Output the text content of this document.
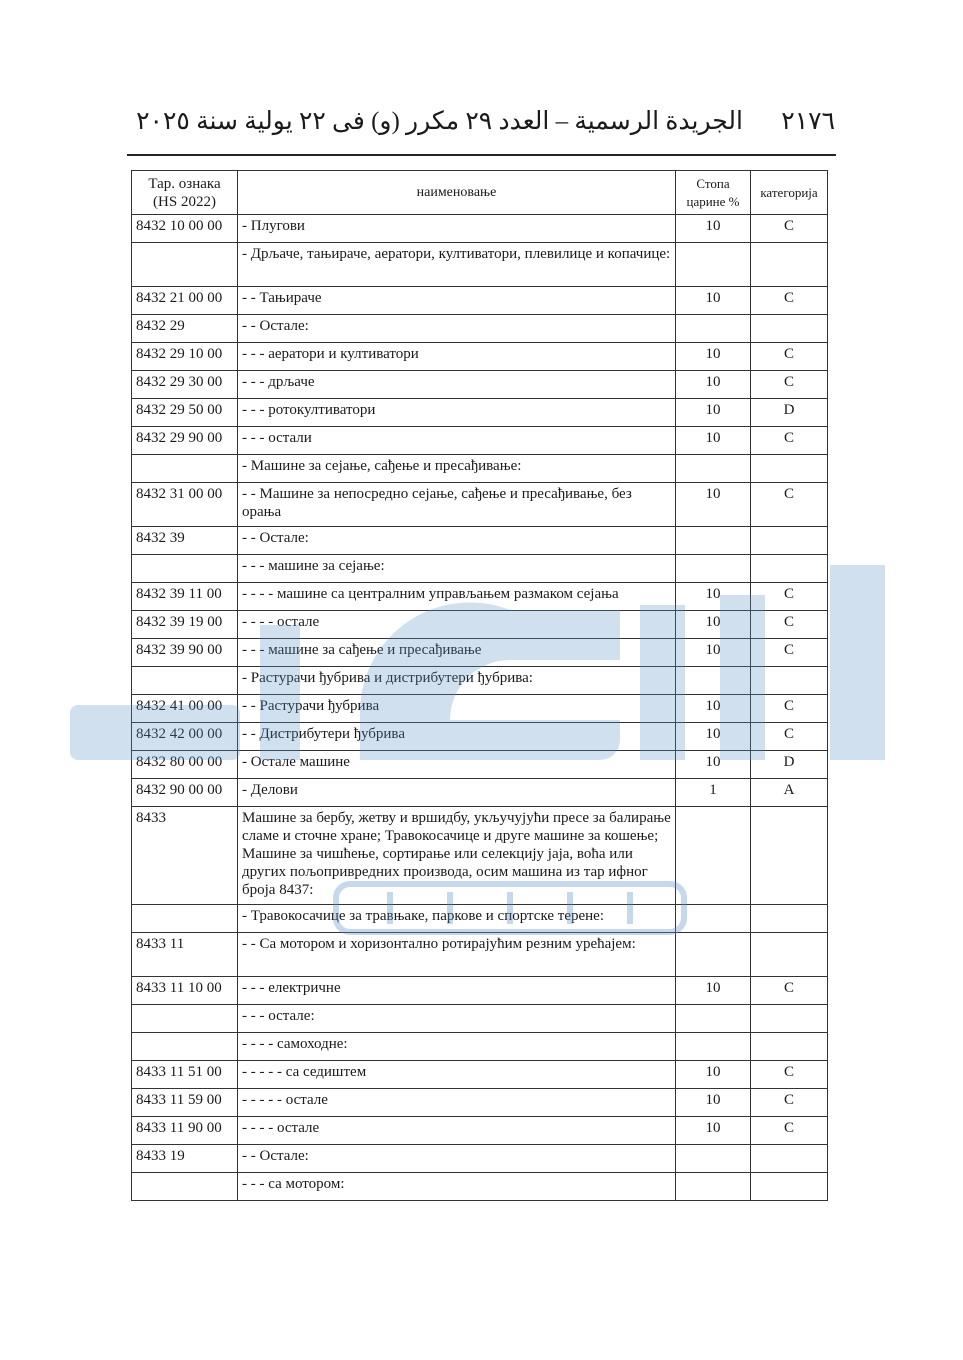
٢١٧٦
الجريدة الرسمية – العدد ٢٩ مكرر (و) فى ٢٢ يولية سنة ٢٠٢٥
Тар. ознака (HS 2022)	наименовање	Стопа царине %	категорија
8432 10 00 00	- Плугови	10	C
	- Дрљаче, тањираче, аератори, култиватори, плевилице и копачице:		
8432 21 00 00	- - Тањираче	10	C
8432 29	- - Остале:		
8432 29 10 00	- - - аератори и култиватори	10	C
8432 29 30 00	- - - дрљаче	10	C
8432 29 50 00	- - - ротокултиватори	10	D
8432 29 90 00	- - - остали	10	C
	- Машине за сејање, сађење и пресађивање:		
8432 31 00 00	- - Машине за непосредно сејање, сађење и пресађивање, без орања	10	C
8432 39	- - Остале:		
	- - - машине за сејање:		
8432 39 11 00	- - - - машине са централним управљањем размаком сејања	10	C
8432 39 19 00	- - - - остале	10	C
8432 39 90 00	- - - машине за сађење и пресађивање	10	C
	- Растурачи ђубрива и дистрибутери ђубрива:		
8432 41 00 00	- - Растурачи ђубрива	10	C
8432 42 00 00	- - Дистрибутери ђубрива	10	C
8432 80 00 00	- Остале машине	10	D
8432 90 00 00	- Делови	1	A
8433	Машине за бербу, жетву и вршидбу, укључујући пресе за балирање сламе и сточне хране; Травокосачице и друге машине за кошење; Машине за чишћење, сортирање или селекцију јаја, воћа или других пољопривредних производа, осим машина из тар ифног броја 8437:		
	- Травокосачице за травњаке, паркове и спортске терене:		
8433 11	- - Са мотором и хоризонтално ротирајућим резним урећајем:		
8433 11 10 00	- - - електричне	10	C
	- - - остале:		
	- - - - самоходне:		
8433 11 51 00	- - - - - са седиштем	10	C
8433 11 59 00	- - - - - остале	10	C
8433 11 90 00	- - - - остале	10	C
8433 19	- - Остале:		
	- - - са мотором:		
